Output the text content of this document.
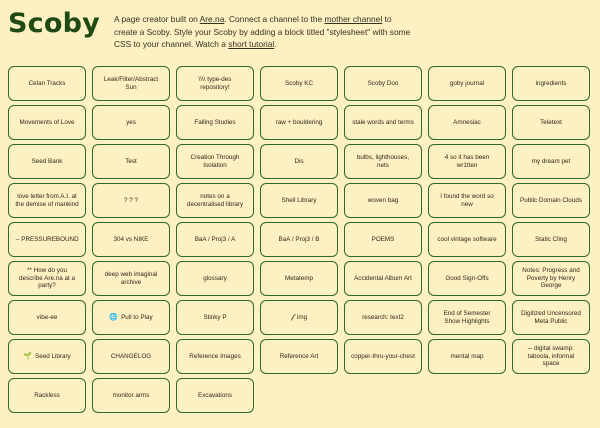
Scoby A page creator built on Are.na. Connect a channel to the mother channel to create a Scoby. Style your Scoby by adding a block titled "stylesheet" with some CSS to your channel. Watch a short tutorial.
Celan Tracks
Leak/Filter/Abstract Sun
\\\\ type-des repository!
Scoby KC	Scoby Doo	goby journal	ingredients
Movements of Love	yes	Falling Studies	raw + bouldering	stale words and terms	Amnesiac	Teletext
Seed Bank	Test
Creation Through Isolation
Dis
bulbs, lighthouses, nets
4 so it has been wr1tten
my dream pet
love letter from A.I. at the demise of mankind
? ? ?
notes on a decentralised library
Shell Library	woven bag
I found the word so new
Public Domain Clouds
-- PRESSUREBOUND	304 vs NIKE	BaA / Proj3 / A	BaA / Proj3 / B	POEMS	cool vintage software	Static Cling
** How do you describe Are.na at a party?
deep web imaginal archive
glossary	Metatemp	Accidental Album Art	Good Sign-Offs
Notes: Progress and Poverty by Henry George
vibe-ee	🌐 Pull to Play	Stinky P	𝒻 img	research: text2
End of Semester Show Highlights
Digitized Uncensored Meta Public
🌱 Seed Library	CHANGELOG	Reference Images	Reference Art	copper-thru-your-chest	mental map
-- digital swamp: taboola, informal space
Rackless	monitor arms	Excavations
